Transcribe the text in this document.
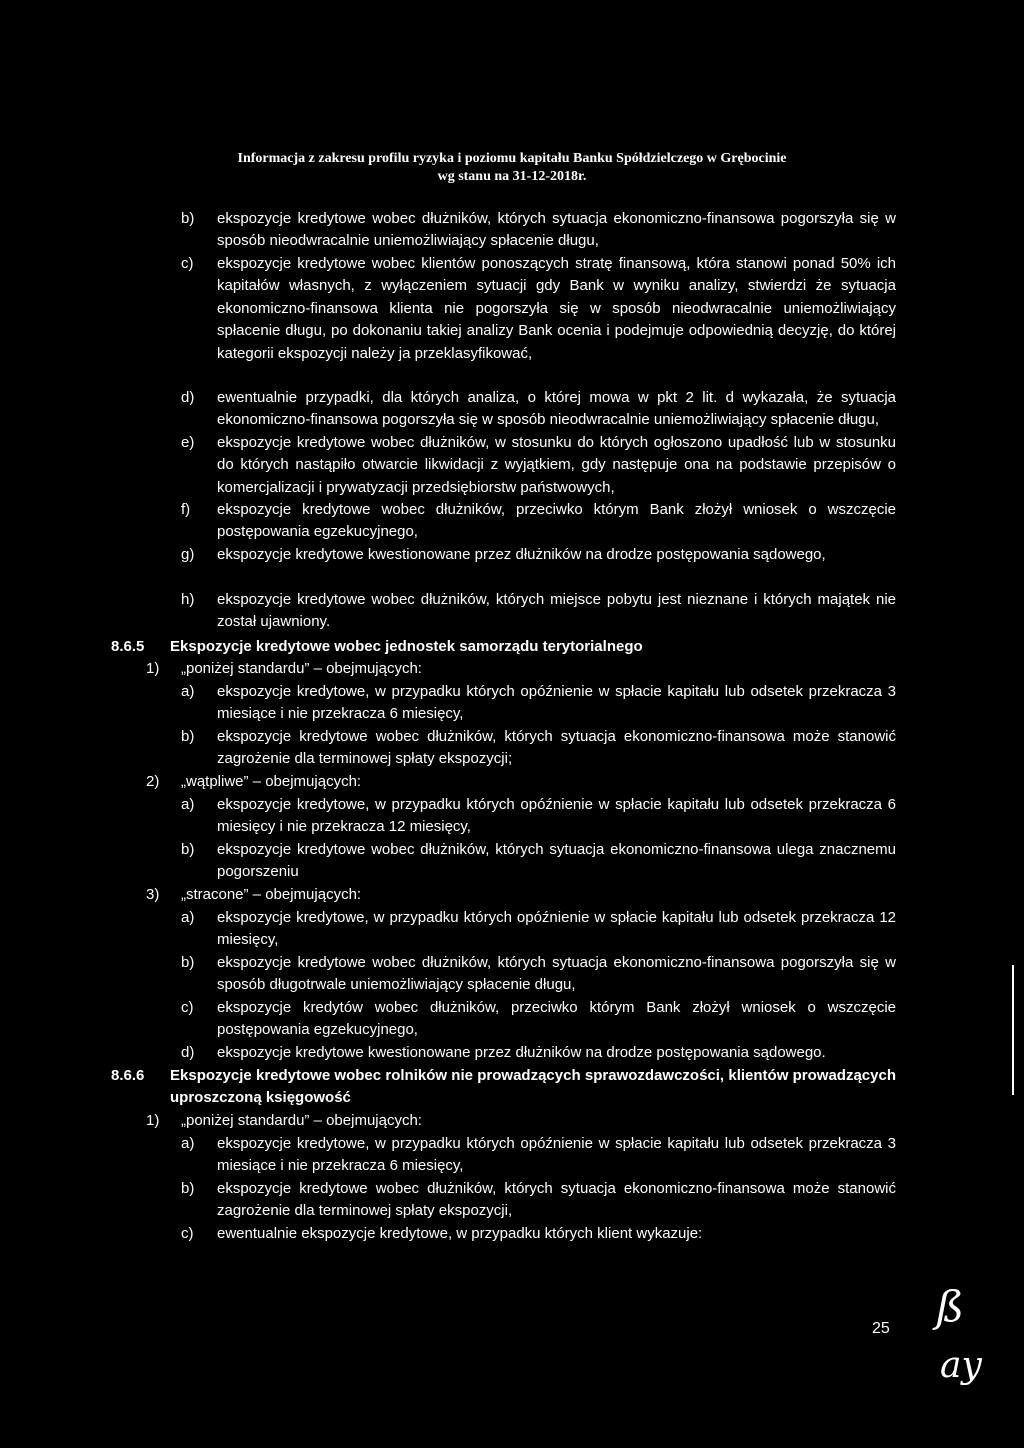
Informacja z zakresu profilu ryzyka i poziomu kapitału Banku Spółdzielczego w Grębocinie
wg stanu na 31-12-2018r.
b) ekspozycje kredytowe wobec dłużników, których sytuacja ekonomiczno-finansowa pogorszyła się w sposób nieodwracalnie uniemożliwiający spłacenie długu,
c) ekspozycje kredytowe wobec klientów ponoszących stratę finansową, która stanowi ponad 50% ich kapitałów własnych, z wyłączeniem sytuacji gdy Bank w wyniku analizy, stwierdzi że sytuacja ekonomiczno-finansowa klienta nie pogorszyła się w sposób nieodwracalnie uniemożliwiający spłacenie długu, po dokonaniu takiej analizy Bank ocenia i podejmuje odpowiednią decyzję, do której kategorii ekspozycji należy ja przeklasyfikować,
d) ewentualnie przypadki, dla których analiza, o której mowa w pkt 2 lit. d wykazała, że sytuacja ekonomiczno-finansowa pogorszyła się w sposób nieodwracalnie uniemożliwiający spłacenie długu,
e) ekspozycje kredytowe wobec dłużników, w stosunku do których ogłoszono upadłość lub w stosunku do których nastąpiło otwarcie likwidacji z wyjątkiem, gdy następuje ona na podstawie przepisów o komercjalizacji i prywatyzacji przedsiębiorstw państwowych,
f) ekspozycje kredytowe wobec dłużników, przeciwko którym Bank złożył wniosek o wszczęcie postępowania egzekucyjnego,
g) ekspozycje kredytowe kwestionowane przez dłużników na drodze postępowania sądowego,
h) ekspozycje kredytowe wobec dłużników, których miejsce pobytu jest nieznane i których majątek nie został ujawniony.
8.6.5 Ekspozycje kredytowe wobec jednostek samorządu terytorialnego
1) „poniżej standardu” – obejmujących:
a) ekspozycje kredytowe, w przypadku których opóźnienie w spłacie kapitału lub odsetek przekracza 3 miesiące i nie przekracza 6 miesięcy,
b) ekspozycje kredytowe wobec dłużników, których sytuacja ekonomiczno-finansowa może stanowić zagrożenie dla terminowej spłaty ekspozycji;
2) „wątpliwe” – obejmujących:
a) ekspozycje kredytowe, w przypadku których opóźnienie w spłacie kapitału lub odsetek przekracza 6 miesięcy i nie przekracza 12 miesięcy,
b) ekspozycje kredytowe wobec dłużników, których sytuacja ekonomiczno-finansowa ulega znacznemu pogorszeniu
3) „stracone” – obejmujących:
a) ekspozycje kredytowe, w przypadku których opóźnienie w spłacie kapitału lub odsetek przekracza 12 miesięcy,
b) ekspozycje kredytowe wobec dłużników, których sytuacja ekonomiczno-finansowa pogorszyła się w sposób długotrwale uniemożliwiający spłacenie długu,
c) ekspozycje kredytów wobec dłużników, przeciwko którym Bank złożył wniosek o wszczęcie postępowania egzekucyjnego,
d) ekspozycje kredytowe kwestionowane przez dłużników na drodze postępowania sądowego.
8.6.6 Ekspozycje kredytowe wobec rolników nie prowadzących sprawozdawczości, klientów prowadzących uproszczoną księgowość
1) „poniżej standardu” – obejmujących:
a) ekspozycje kredytowe, w przypadku których opóźnienie w spłacie kapitału lub odsetek przekracza 3 miesiące i nie przekracza 6 miesięcy,
b) ekspozycje kredytowe wobec dłużników, których sytuacja ekonomiczno-finansowa może stanowić zagrożenie dla terminowej spłaty ekspozycji,
c) ewentualnie ekspozycje kredytowe, w przypadku których klient wykazuje:
25 ß
ay
